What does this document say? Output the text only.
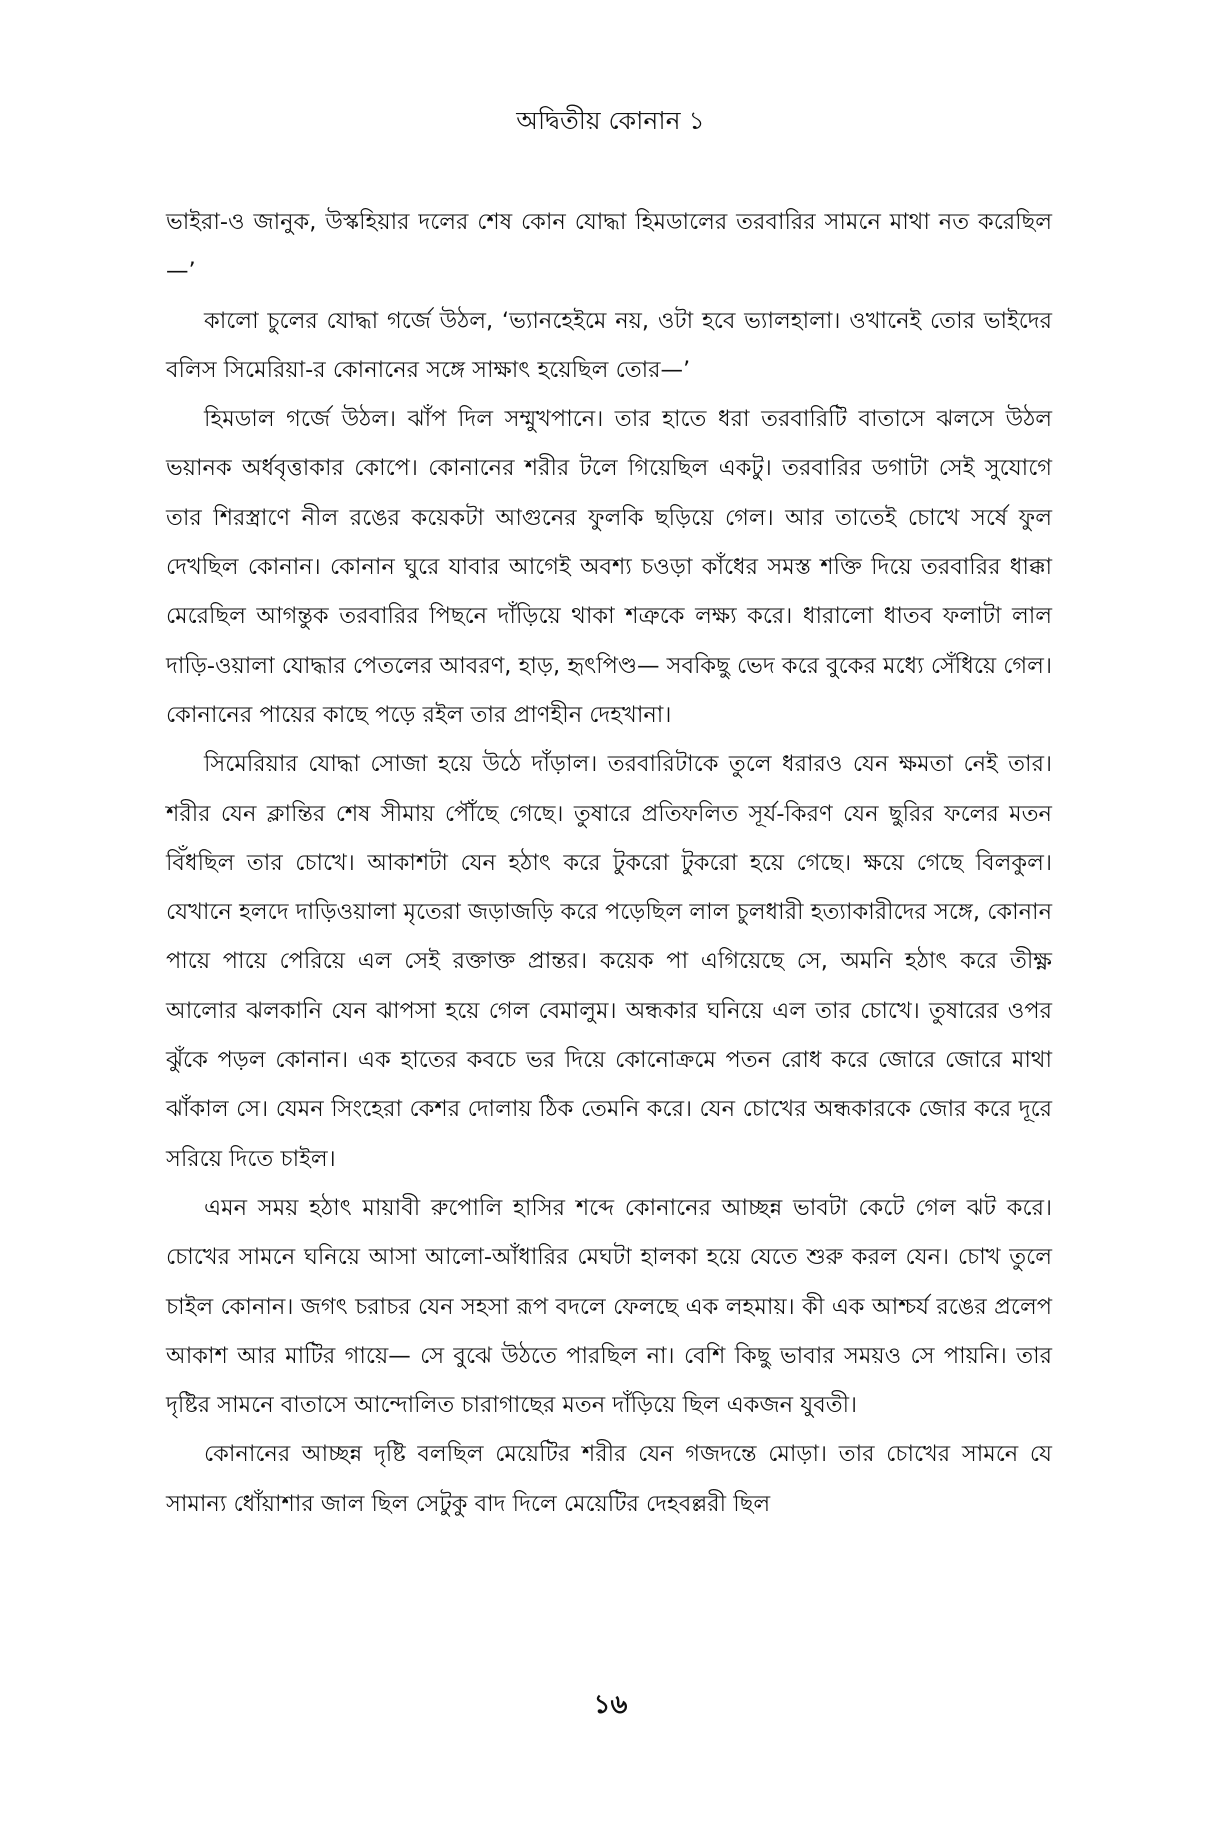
অদ্বিতীয় কোনান ১

ভাইরা-ও জানুক, উস্কহিয়ার দলের শেষ কোন যোদ্ধা হিমডালের তরবারির সামনে মাথা নত করেছিল—’

কালো চুলের যোদ্ধা গর্জে উঠল, ‘ভ্যানহেইমে নয়, ওটা হবে ভ্যালহালা। ওখানেই তোর ভাইদের বলিস সিমেরিয়া-র কোনানের সঙ্গে সাক্ষাৎ হয়েছিল তোর—’

হিমডাল গর্জে উঠল। ঝাঁপ দিল সম্মুখপানে। তার হাতে ধরা তরবারিটি বাতাসে ঝলসে উঠল ভয়ানক অর্ধবৃত্তাকার কোপে। কোনানের শরীর টলে গিয়েছিল একটু। তরবারির ডগাটা সেই সুযোগে তার শিরস্ত্রাণে নীল রঙের কয়েকটা আগুনের ফুলকি ছড়িয়ে গেল। আর তাতেই চোখে সর্ষে ফুল দেখছিল কোনান। কোনান ঘুরে যাবার আগেই অবশ্য চওড়া কাঁধের সমস্ত শক্তি দিয়ে তরবারির ধাক্কা মেরেছিল আগন্তুক তরবারির পিছনে দাঁড়িয়ে থাকা শত্রুকে লক্ষ্য করে। ধারালো ধাতব ফলাটা লাল দাড়ি-ওয়ালা যোদ্ধার পেতলের আবরণ, হাড়, হৃৎপিণ্ড— সবকিছু ভেদ করে বুকের মধ্যে সেঁধিয়ে গেল। কোনানের পায়ের কাছে পড়ে রইল তার প্রাণহীন দেহখানা।

সিমেরিয়ার যোদ্ধা সোজা হয়ে উঠে দাঁড়াল। তরবারিটাকে তুলে ধরারও যেন ক্ষমতা নেই তার। শরীর যেন ক্লান্তির শেষ সীমায় পৌঁছে গেছে। তুষারে প্রতিফলিত সূর্য-কিরণ যেন ছুরির ফলের মতন বিঁধছিল তার চোখে। আকাশটা যেন হঠাৎ করে টুকরো টুকরো হয়ে গেছে। ক্ষয়ে গেছে বিলকুল। যেখানে হলদে দাড়িওয়ালা মৃতেরা জড়াজড়ি করে পড়েছিল লাল চুলধারী হত্যাকারীদের সঙ্গে, কোনান পায়ে পায়ে পেরিয়ে এল সেই রক্তাক্ত প্রান্তর। কয়েক পা এগিয়েছে সে, অমনি হঠাৎ করে তীক্ষ্ণ আলোর ঝলকানি যেন ঝাপসা হয়ে গেল বেমালুম। অন্ধকার ঘনিয়ে এল তার চোখে। তুষারের ওপর ঝুঁকে পড়ল কোনান। এক হাতের কবচে ভর দিয়ে কোনোক্রমে পতন রোধ করে জোরে জোরে মাথা ঝাঁকাল সে। যেমন সিংহেরা কেশর দোলায় ঠিক তেমনি করে। যেন চোখের অন্ধকারকে জোর করে দূরে সরিয়ে দিতে চাইল।

এমন সময় হঠাৎ মায়াবী রুপোলি হাসির শব্দে কোনানের আচ্ছন্ন ভাবটা কেটে গেল ঝট করে। চোখের সামনে ঘনিয়ে আসা আলো-আঁধারির মেঘটা হালকা হয়ে যেতে শুরু করল যেন। চোখ তুলে চাইল কোনান। জগৎ চরাচর যেন সহসা রূপ বদলে ফেলছে এক লহমায়। কী এক আশ্চর্য রঙের প্রলেপ আকাশ আর মাটির গায়ে— সে বুঝে উঠতে পারছিল না। বেশি কিছু ভাবার সময়ও সে পায়নি। তার দৃষ্টির সামনে বাতাসে আন্দোলিত চারাগাছের মতন দাঁড়িয়ে ছিল একজন যুবতী।

কোনানের আচ্ছন্ন দৃষ্টি বলছিল মেয়েটির শরীর যেন গজদন্তে মোড়া। তার চোখের সামনে যে সামান্য ধোঁয়াশার জাল ছিল সেটুকু বাদ দিলে মেয়েটির দেহবল্লরী ছিল

১৬
